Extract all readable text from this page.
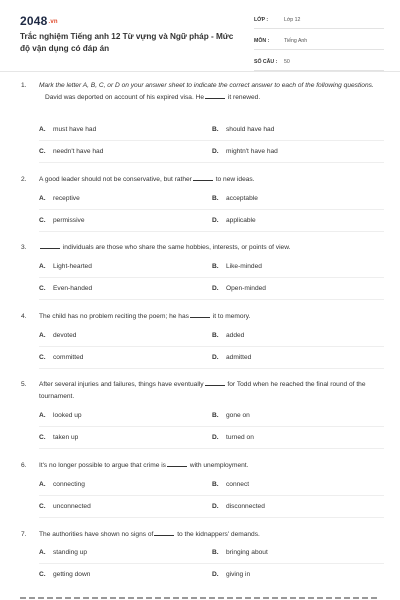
$2048^{.vn}$
Trắc nghiệm Tiếng anh 12 Từ vựng và Ngữ pháp - Mức độ vận dụng có đáp án
LỚP :	Lớp 12
MÔN :	Tiếng Anh
SỐ CÂU : 50
1. Mark the letter A, B, C, or D on your answer sheet to indicate the correct answer to each of the following questions.
David was deported on account of his expired visa. He	it renewed.
A. must have had	B. should have had
C. needn't have had	D. mightn't have had
2. A good leader should not be conservative, but rather	to new ideas.
A. receptive	B. acceptable
C. permissive	D. applicable
3.	individuals are those who share the same hobbies, interests, or points of view.
A. Light-hearted	B. Like-minded
C. Even-handed	D. Open-minded
4. The child has no problem reciting the poem; he has	it to memory.
A. devoted	B. added
C. committed	D. admitted
5. After several injuries and failures, things have eventually	for Todd when he reached the final round of the tournament.
A. looked up	B. gone on
C. taken up	D. turned on
6. It's no longer possible to argue that crime is	with unemployment.
A. connecting	B. connect
C. unconnected	D. disconnected
7. The authorities have shown no signs of	to the kidnappers' demands.
A. standing up	B. bringing about
C. getting down	D. giving in
